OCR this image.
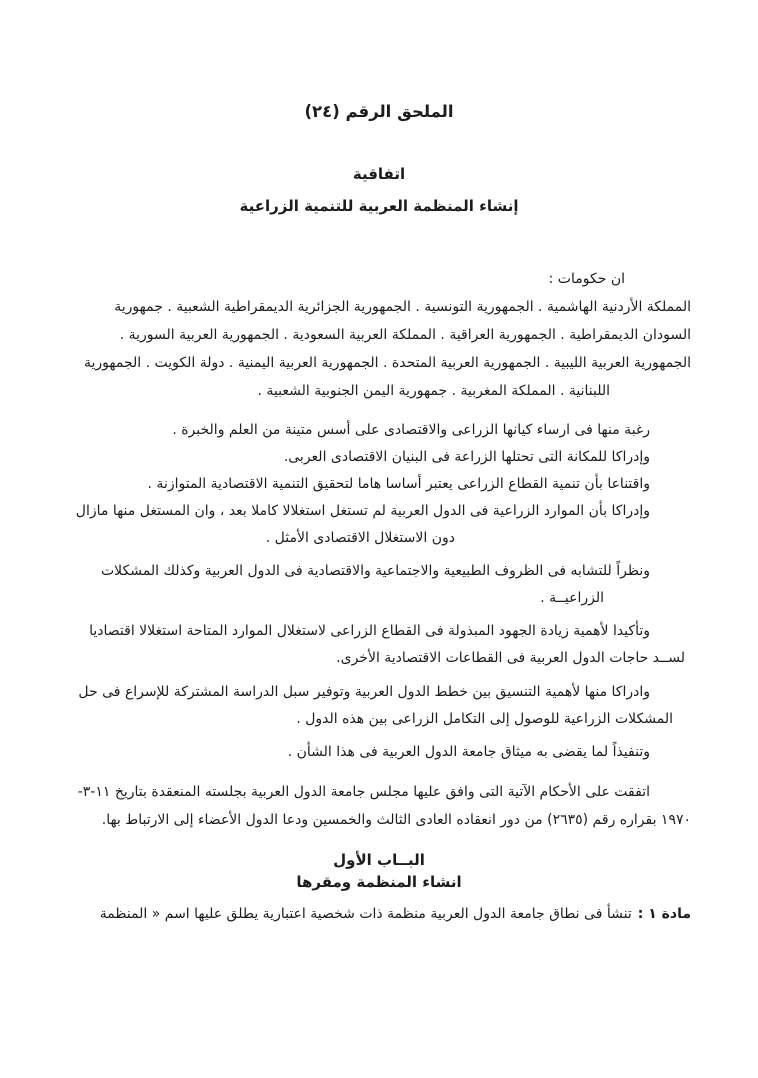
الملحق الرقم (٢٤)
اتفاقية
إنشاء المنظمة العربية للتنمية الزراعية
ان حكومات :
المملكة الأردنية الهاشمية . الجمهورية التونسية . الجمهورية الجزائرية الديمقراطية الشعبية . جمهورية
السودان الديمقراطية . الجمهورية العراقية . المملكة العربية السعودية . الجمهورية العربية السورية .
الجمهورية العربية الليبية . الجمهورية العربية المتحدة . الجمهورية العربية اليمنية . دولة الكويت . الجمهورية
اللبنانية . المملكة المغربية . جمهورية اليمن الجنوبية الشعبية .
رغبة منها فى ارساء كيانها الزراعى والاقتصادى على أسس متينة من العلم والخبرة .
وإدراكا للمكانة التى تحتلها الزراعة فى البنيان الاقتصادى العربى.
واقتناعا بأن تنمية القطاع الزراعى يعتبر أساسا هاما لتحقيق التنمية الاقتصادية المتوازنة .
وإدراكا بأن الموارد الزراعية فى الدول العربية لم تستغل استغلالا كاملا بعد ، وان المستغل منها مازال
دون الاستغلال الاقتصادى الأمثل .
ونظراً للتشابه فى الظروف الطبيعية والاجتماعية والاقتصادية فى الدول العربية وكذلك المشكلات
الزراعيــة .
وتأكيدا لأهمية زيادة الجهود المبذولة فى القطاع الزراعى لاستغلال الموارد المتاحة استغلالا اقتصاديا
لســد حاجات الدول العربية فى القطاعات الاقتصادية الأخرى.
وادراكا منها لأهمية التنسيق بين خطط الدول العربية وتوفير سبل الدراسة المشتركة للإسراع فى حل
المشكلات الزراعية للوصول إلى التكامل الزراعى بين هذه الدول .
وتنفيذاً لما يقضى به ميثاق جامعة الدول العربية فى هذا الشأن .
اتفقت على الأحكام الآتية التى وافق عليها مجلس جامعة الدول العربية بجلسته المنعقدة بتاريخ ١١-٣-
١٩٧٠ بقراره رقم (٢٦٣٥) من دور انعقاده العادى الثالث والخمسين ودعا الدول الأعضاء إلى الارتباط بها.
البــاب الأول
انشاء المنظمة ومقرها
مادة ١ :تنشأ فى نطاق جامعة الدول العربية منظمة ذات شخصية اعتبارية يطلق عليها اسم « المنظمة
